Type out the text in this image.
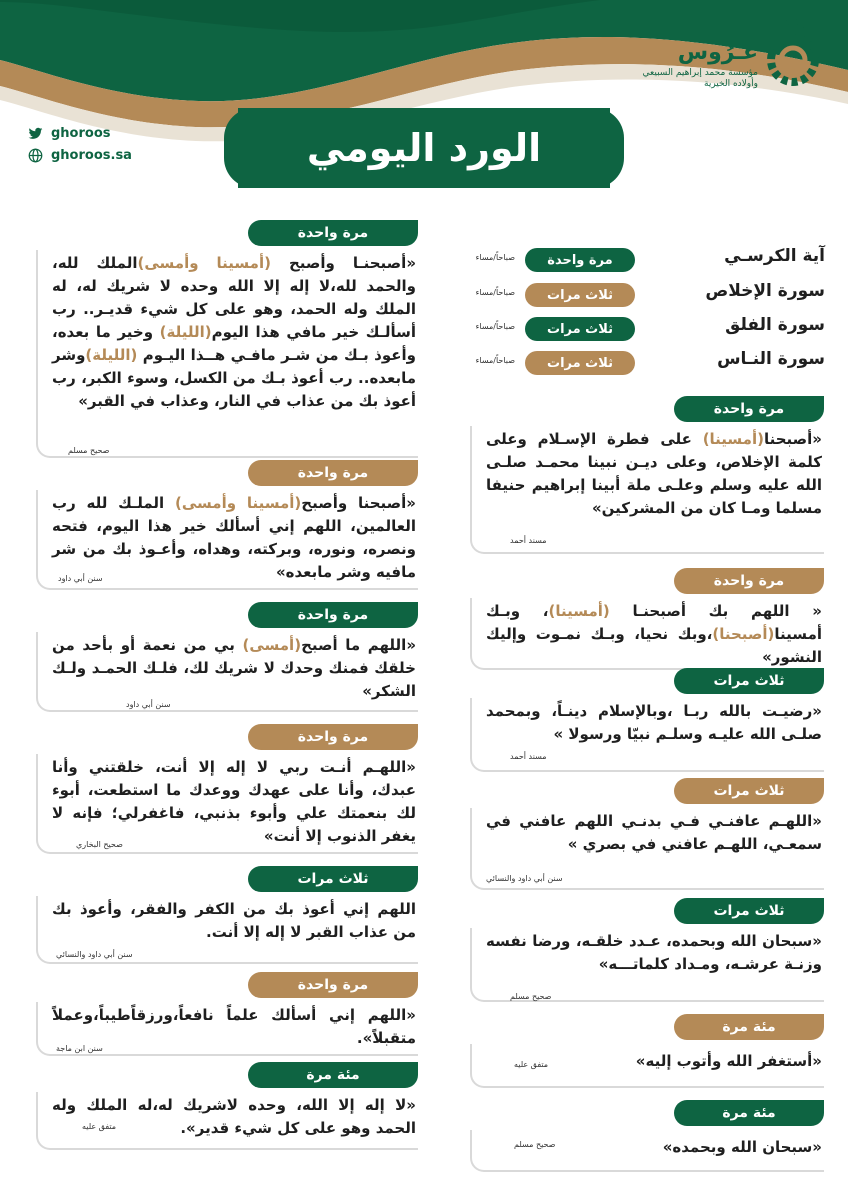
غـرُوس
مؤسسة محمد إبراهيم السبيعي وأولاده الخيرية
ghoroos
ghoroos.sa	الورد اليومي
آية الكرسـي
مرة واحدة
صباحاً/مساء
سورة الإخلاص
ثلاث مرات
صباحاً/مساء
سورة الفلق
ثلاث مرات
صباحاً/مساء
سورة النـاس
ثلاث مرات
صباحاً/مساء
مرة واحدة
«أصبحنـا وأصبح (أمسينا وأمسى)الملك لله، والحمد لله،لا إله إلا الله وحده لا شريك له، له الملك وله الحمد، وهو على كل شيء قديـر.. رب أسألـك خير مافي هذا اليوم(الليلة) وخير ما بعده، وأعوذ بـك من شـر مافـي هــذا اليـوم (الليلة)وشر مابعده.. رب أعوذ بـك من الكسل، وسوء الكبر، رب أعوذ بك من عذاب في النار، وعذاب في القبر»
صحيح مسلم
مرة واحدة
«أصبحنا وأصبح(أمسينا وأمسى) الملـك لله رب العالمين، اللهم إني أسألك خير هذا اليوم، فتحه ونصره، ونوره، وبركته، وهداه، وأعـوذ بك من شر مافيه وشر مابعده»
سنن أبي داود
مرة واحدة
«اللهم ما أصبح(أمسى) بي من نعمة أو بأحد من خلقك فمنك وحدك لا شريك لك، فلـك الحمـد ولـك الشكر»
سنن أبي داود
مرة واحدة
«اللهـم أنـت ربي لا إله إلا أنت، خلقتني وأنا عبدك، وأنا على عهدك ووعدك ما استطعت، أبوء لك بنعمتك علي وأبوء بذنبي، فاغفرلي؛ فإنه لا يغفر الذنوب إلا أنت»
صحيح البخاري
ثلاث مرات
اللهم إني أعوذ بك من الكفر والفقر، وأعوذ بك من عذاب القبر لا إله إلا أنت.
سنن أبي داود والنسائي
مرة واحدة
«اللهم إني أسألك علماً نافعاً،ورزقاًطيباً،وعملاً متقبلاً».
سنن ابن ماجة
مئة مرة
«لا إله إلا الله، وحده لاشريك له،له الملك وله الحمد وهو على كل شيء قدير».
متفق عليه
مرة واحدة
«أصبحنا(أمسينا) على فطرة الإسـلام وعلى كلمة الإخلاص، وعلى ديـن نبينا محمـد صلـى الله عليه وسلم وعلـى ملة أبينا إبراهيم حنيفا مسلما ومـا كان من المشركين»
مسند أحمد
مرة واحدة
« اللهم بك أصبحنـا (أمسينا)، وبـك أمسينا(أصبحنا)،وبك نحيا، وبـك نمـوت وإليك النشور»
ثلاث مرات
«رضيـت بالله ربـا ،وبالإسلام دينـاً، وبمحمد صلـى الله عليـه وسلـم نبيّا ورسولا »
مسند أحمد
ثلاث مرات
«اللهـم عافنـي فـي بدنـي اللهم عافني في سمعـي، اللهـم عافني في بصري »
سنن أبي داود والنسائي
ثلاث مرات
«سبحان الله وبحمده، عـدد خلقـه، ورضا نفسه وزنـة عرشـه، ومـداد كلماتـــه»
صحيح مسلم
مئة مرة
«أستغفر الله وأتوب إليه»
متفق عليه
مئة مرة
«سبحان الله وبحمده»
صحيح مسلم
